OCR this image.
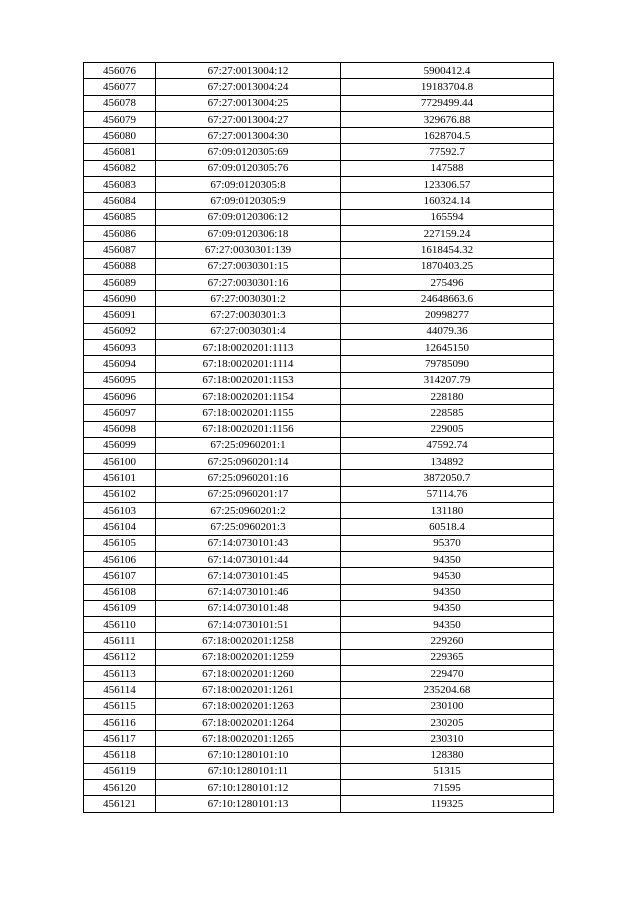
456076	67:27:0013004:12	5900412.4
456077	67:27:0013004:24	19183704.8
456078	67:27:0013004:25	7729499.44
456079	67:27:0013004:27	329676.88
456080	67:27:0013004:30	1628704.5
456081	67:09:0120305:69	77592.7
456082	67:09:0120305:76	147588
456083	67:09:0120305:8	123306.57
456084	67:09:0120305:9	160324.14
456085	67:09:0120306:12	165594
456086	67:09:0120306:18	227159.24
456087	67:27:0030301:139	1618454.32
456088	67:27:0030301:15	1870403.25
456089	67:27:0030301:16	275496
456090	67:27:0030301:2	24648663.6
456091	67:27:0030301:3	20998277
456092	67:27:0030301:4	44079.36
456093	67:18:0020201:1113	12645150
456094	67:18:0020201:1114	79785090
456095	67:18:0020201:1153	314207.79
456096	67:18:0020201:1154	228180
456097	67:18:0020201:1155	228585
456098	67:18:0020201:1156	229005
456099	67:25:0960201:1	47592.74
456100	67:25:0960201:14	134892
456101	67:25:0960201:16	3872050.7
456102	67:25:0960201:17	57114.76
456103	67:25:0960201:2	131180
456104	67:25:0960201:3	60518.4
456105	67:14:0730101:43	95370
456106	67:14:0730101:44	94350
456107	67:14:0730101:45	94530
456108	67:14:0730101:46	94350
456109	67:14:0730101:48	94350
456110	67:14:0730101:51	94350
456111	67:18:0020201:1258	229260
456112	67:18:0020201:1259	229365
456113	67:18:0020201:1260	229470
456114	67:18:0020201:1261	235204.68
456115	67:18:0020201:1263	230100
456116	67:18:0020201:1264	230205
456117	67:18:0020201:1265	230310
456118	67:10:1280101:10	128380
456119	67:10:1280101:11	51315
456120	67:10:1280101:12	71595
456121	67:10:1280101:13	119325
